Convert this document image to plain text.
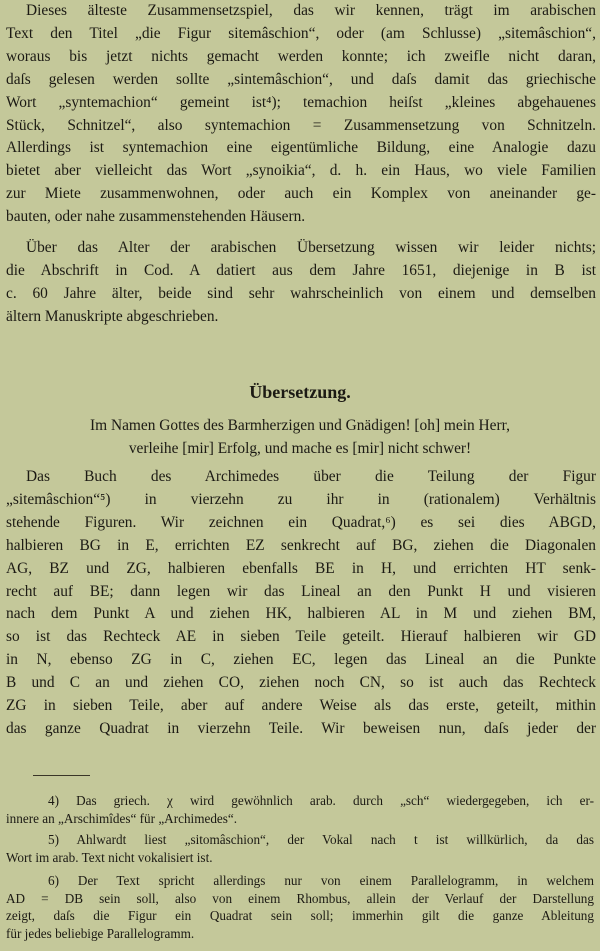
Dieses älteste Zusammensetzspiel, das wir kennen, trägt im arabischen
Text den Titel „die Figur sitemâschion“, oder (am Schlusse) „sitemâschion“,
woraus bis jetzt nichts gemacht werden konnte; ich zweifle nicht daran,
daſs gelesen werden sollte „sintemâschion“, und daſs damit das griechische
Wort „syntemachion“ gemeint ist⁴); temachion heiſst „kleines abgehauenes
Stück, Schnitzel“, also syntemachion = Zusammensetzung von Schnitzeln.
Allerdings ist syntemachion eine eigentümliche Bildung, eine Analogie dazu
bietet aber vielleicht das Wort „synoikia“, d. h. ein Haus, wo viele Familien
zur Miete zusammenwohnen, oder auch ein Komplex von aneinander ge-
bauten, oder nahe zusammenstehenden Häusern.
Über das Alter der arabischen Übersetzung wissen wir leider nichts;
die Abschrift in Cod. A datiert aus dem Jahre 1651, diejenige in B ist
c. 60 Jahre älter, beide sind sehr wahrscheinlich von einem und demselben
ältern Manuskripte abgeschrieben.
Übersetzung.
Im Namen Gottes des Barmherzigen und Gnädigen! [oh] mein Herr,
verleihe [mir] Erfolg, und mache es [mir] nicht schwer!
Das Buch des Archimedes über die Teilung der Figur
„sitemâschion“⁵) in vierzehn zu ihr in (rationalem) Verhältnis
stehende Figuren. Wir zeichnen ein Quadrat,⁶) es sei dies ABGD,
halbieren BG in E, errichten EZ senkrecht auf BG, ziehen die Diagonalen
AG, BZ und ZG, halbieren ebenfalls BE in H, und errichten HT senk-
recht auf BE; dann legen wir das Lineal an den Punkt H und visieren
nach dem Punkt A und ziehen HK, halbieren AL in M und ziehen BM,
so ist das Rechteck AE in sieben Teile geteilt. Hierauf halbieren wir GD
in N, ebenso ZG in C, ziehen EC, legen das Lineal an die Punkte
B und C an und ziehen CO, ziehen noch CN, so ist auch das Rechteck
ZG in sieben Teile, aber auf andere Weise als das erste, geteilt, mithin
das ganze Quadrat in vierzehn Teile. Wir beweisen nun, daſs jeder der
4) Das griech. χ wird gewöhnlich arab. durch „sch“ wiedergegeben, ich er-
innere an „Arschimîdes“ für „Archimedes“.
5) Ahlwardt liest „sitomâschion“, der Vokal nach t ist willkürlich, da das
Wort im arab. Text nicht vokalisiert ist.
6) Der Text spricht allerdings nur von einem Parallelogramm, in welchem
AD = DB sein soll, also von einem Rhombus, allein der Verlauf der Darstellung
zeigt, daſs die Figur ein Quadrat sein soll; immerhin gilt die ganze Ableitung
für jedes beliebige Parallelogramm.
